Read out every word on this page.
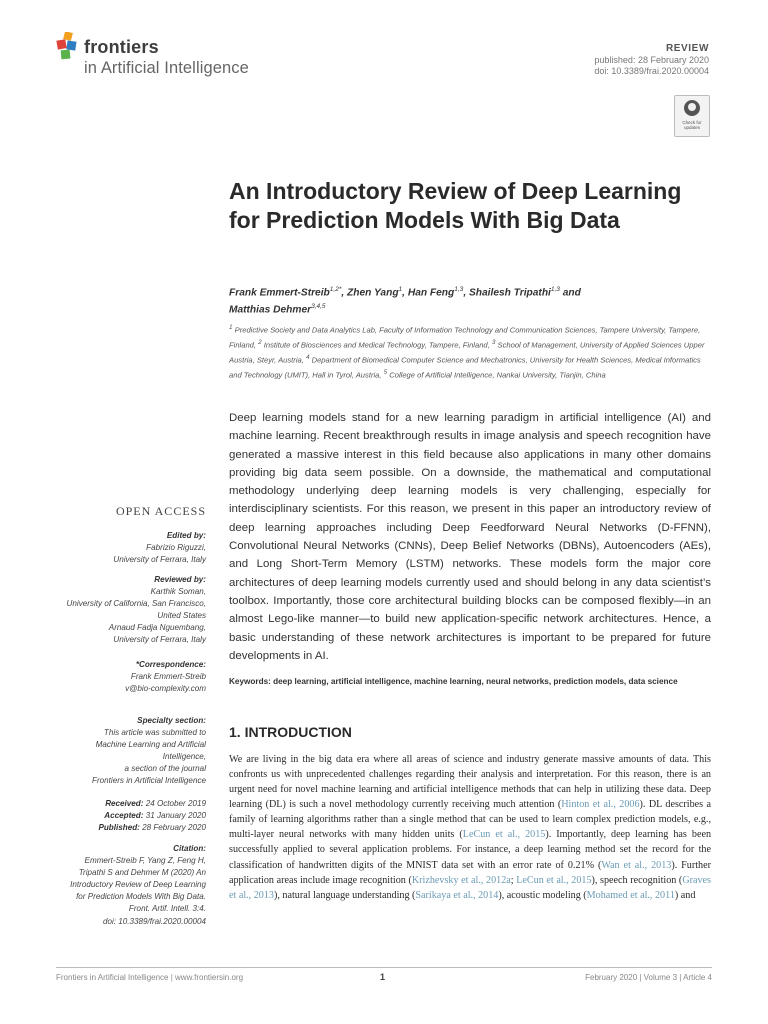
frontiers
in Artificial Intelligence
REVIEW
published: 28 February 2020
doi: 10.3389/frai.2020.00004
Check for updates
An Introductory Review of Deep Learning for Prediction Models With Big Data
Frank Emmert-Streib$^{1,2*}$, Zhen Yang$^1$, Han Feng$^{1,3}$, Shailesh Tripathi$^{1,3}$ and
Matthias Dehmer$^{3,4,5}$
$^1$ Predictive Society and Data Analytics Lab, Faculty of Information Technology and Communication Sciences, Tampere University, Tampere, Finland, $^2$ Institute of Biosciences and Medical Technology, Tampere, Finland, $^3$ School of Management, University of Applied Sciences Upper Austria, Steyr, Austria, $^4$ Department of Biomedical Computer Science and Mechatronics, University for Health Sciences, Medical Informatics and Technology (UMIT), Hall in Tyrol, Austria, $^5$ College of Artificial Intelligence, Nankai University, Tianjin, China
Deep learning models stand for a new learning paradigm in artificial intelligence (AI) and machine learning. Recent breakthrough results in image analysis and speech recognition have generated a massive interest in this field because also applications in many other domains providing big data seem possible. On a downside, the mathematical and computational methodology underlying deep learning models is very challenging, especially for interdisciplinary scientists. For this reason, we present in this paper an introductory review of deep learning approaches including Deep Feedforward Neural Networks (D-FFNN), Convolutional Neural Networks (CNNs), Deep Belief Networks (DBNs), Autoencoders (AEs), and Long Short-Term Memory (LSTM) networks. These models form the major core architectures of deep learning models currently used and should belong in any data scientist’s toolbox. Importantly, those core architectural building blocks can be composed flexibly—in an almost Lego-like manner—to build new application-specific network architectures. Hence, a basic understanding of these network architectures is important to be prepared for future developments in AI.
Keywords: deep learning, artificial intelligence, machine learning, neural networks, prediction models, data science
1. INTRODUCTION
We are living in the big data era where all areas of science and industry generate massive amounts of data. This confronts us with unprecedented challenges regarding their analysis and interpretation. For this reason, there is an urgent need for novel machine learning and artificial intelligence methods that can help in utilizing these data. Deep learning (DL) is such a novel methodology currently receiving much attention (Hinton et al., 2006). DL describes a family of learning algorithms rather than a single method that can be used to learn complex prediction models, e.g., multi-layer neural networks with many hidden units (LeCun et al., 2015). Importantly, deep learning has been successfully applied to several application problems. For instance, a deep learning method set the record for the classification of handwritten digits of the MNIST data set with an error rate of 0.21% (Wan et al., 2013). Further application areas include image recognition (Krizhevsky et al., 2012a; LeCun et al., 2015), speech recognition (Graves et al., 2013), natural language understanding (Sarikaya et al., 2014), acoustic modeling (Mohamed et al., 2011) and
OPEN ACCESS
Edited by:
Fabrizio Riguzzi,
University of Ferrara, Italy
Reviewed by:
Karthik Soman,
University of California, San Francisco,
United States
Arnaud Fadja Nguembang,
University of Ferrara, Italy
*Correspondence:
Frank Emmert-Streib
v@bio-complexity.com
Specialty section:
This article was submitted to
Machine Learning and Artificial
Intelligence,
a section of the journal
Frontiers in Artificial Intelligence
Received: 24 October 2019
Accepted: 31 January 2020
Published: 28 February 2020
Citation:
Emmert-Streib F, Yang Z, Feng H,
Tripathi S and Dehmer M (2020) An
Introductory Review of Deep Learning
for Prediction Models With Big Data.
Front. Artif. Intell. 3:4.
doi: 10.3389/frai.2020.00004
Frontiers in Artificial Intelligence | www.frontiersin.org	1	February 2020 | Volume 3 | Article 4
